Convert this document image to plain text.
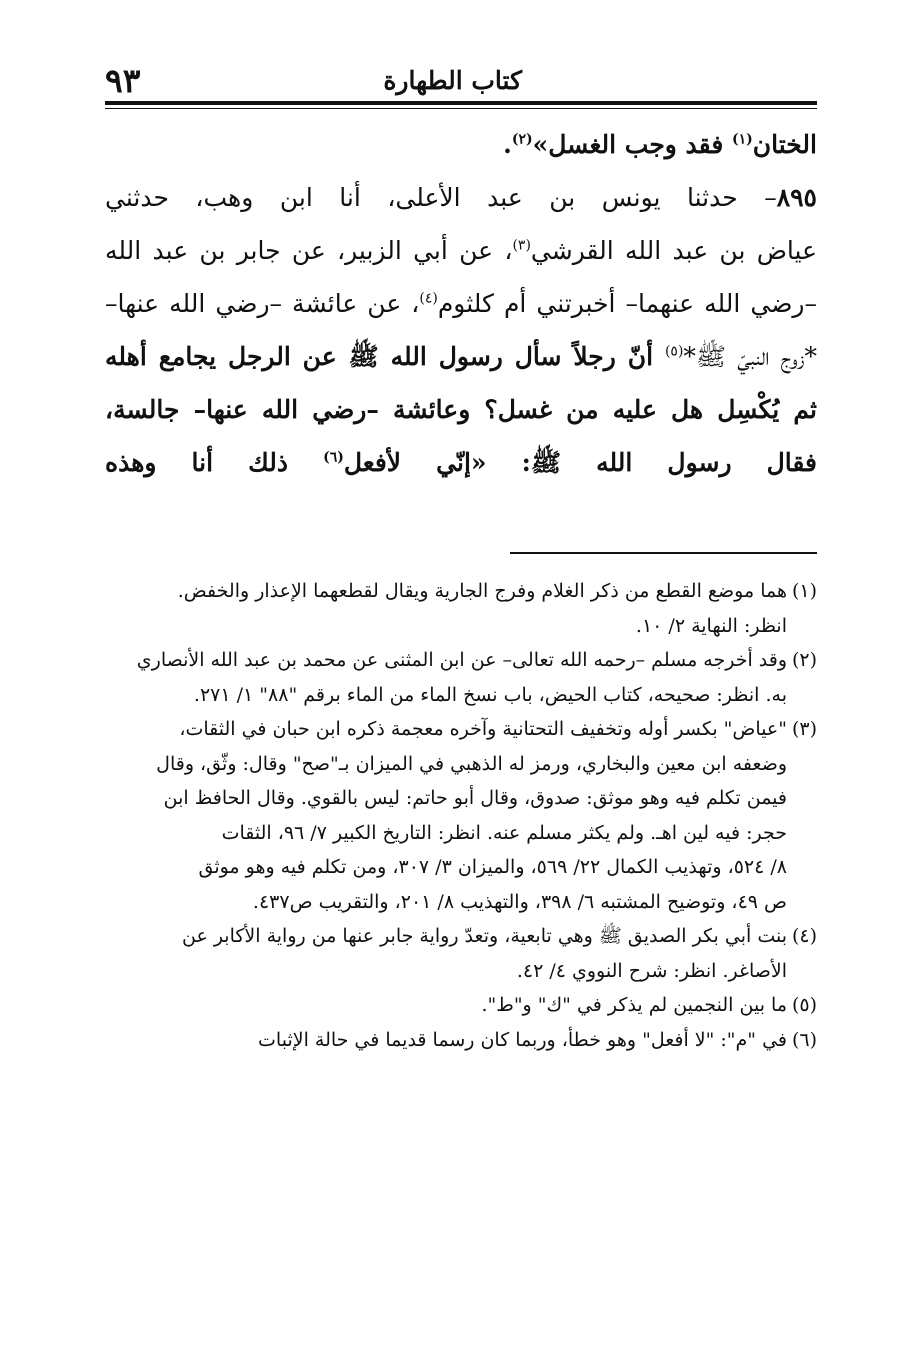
كتاب الطهارة
٩٣
الختان$^{(١)}$ فقد وجب الغسل»$^{(٢)}$.
٨٩٥– حدثنا يونس بن عبد الأعلى، أنا ابن وهب، حدثني
عياض بن عبد الله القرشي$^{(٣)}$، عن أبي الزبير، عن جابر بن عبد الله
–رضي الله عنهما– أخبرتني أم كلثوم$^{(٤)}$، عن عائشة –رضي الله عنها–
*زوج النبيّ ﷺ*$^{(٥)}$ أنّ رجلاً سأل رسول الله ﷺ عن الرجل يجامع أهله
ثم يُكْسِل هل عليه من غسل؟ وعائشة –رضي الله عنها– جالسة،
فقال رسول الله ﷺ: «إنّي لأفعل$^{(٦)}$ ذلك أنا وهذه
(١)
هما موضع القطع من ذكر الغلام وفرج الجارية ويقال لقطعهما الإعذار والخفض.
انظر: النهاية ٢/ ١٠.
(٢)
وقد أخرجه مسلم –رحمه الله تعالى– عن ابن المثنى عن محمد بن عبد الله الأنصاري
به. انظر: صحيحه، كتاب الحيض، باب نسخ الماء من الماء برقم "٨٨" ١/ ٢٧١.
(٣)
"عياض" بكسر أوله وتخفيف التحتانية وآخره معجمة ذكره ابن حبان في الثقات،
وضعفه ابن معين والبخاري، ورمز له الذهبي في الميزان بـ"صح" وقال: وثّق، وقال
فيمن تكلم فيه وهو موثق: صدوق، وقال أبو حاتم: ليس بالقوي. وقال الحافظ ابن
حجر: فيه لين اهـ. ولم يكثر مسلم عنه. انظر: التاريخ الكبير ٧/ ٩٦، الثقات
٨/ ٥٢٤، وتهذيب الكمال ٢٢/ ٥٦٩، والميزان ٣/ ٣٠٧، ومن تكلم فيه وهو موثق
ص ٤٩، وتوضيح المشتبه ٦/ ٣٩٨، والتهذيب ٨/ ٢٠١، والتقريب ص٤٣٧.
(٤)
بنت أبي بكر الصديق ﷺ وهي تابعية، وتعدّ رواية جابر عنها من رواية الأكابر عن
الأصاغر. انظر: شرح النووي ٤/ ٤٢.
(٥)
ما بين النجمين لم يذكر في "ك" و"ط".
(٦)
في "م": "لا أفعل" وهو خطأ، وربما كان رسما قديما في حالة الإثبات
